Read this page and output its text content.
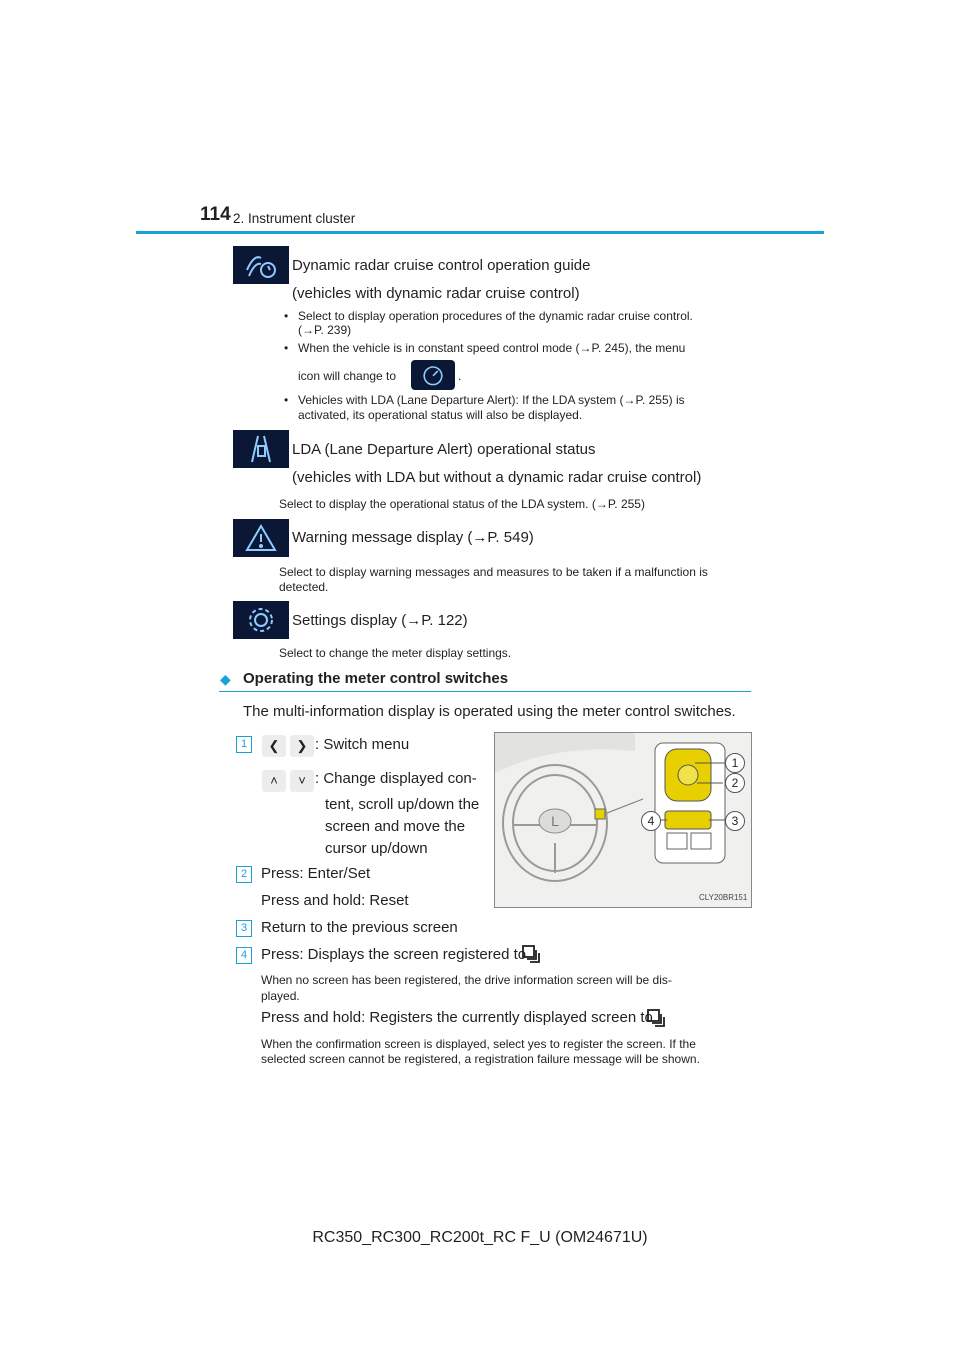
114 2. Instrument cluster
Dynamic radar cruise control operation guide
(vehicles with dynamic radar cruise control)
• Select to display operation procedures of the dynamic radar cruise control.
(→P. 239)
• When the vehicle is in constant speed control mode (→P. 245), the menu
icon will change to	.
• Vehicles with LDA (Lane Departure Alert): If the LDA system (→P. 255) is
activated, its operational status will also be displayed.
LDA (Lane Departure Alert) operational status
(vehicles with LDA but without a dynamic radar cruise control)
Select to display the operational status of the LDA system. (→P. 255)
Warning message display (→P. 549)
Select to display warning messages and measures to be taken if a malfunction is
detected.
Settings display (→P. 122)
Select to change the meter display settings.
◆ Operating the meter control switches
The multi-information display is operated using the meter control switches.
1	❮	❯ : Switch menu
˄	˅ : Change displayed con-
tent, scroll up/down the
screen and move the
cursor up/down
2 Press: Enter/Set
Press and hold: Reset
3 Return to the previous screen
4 Press: Displays the screen registered to
When no screen has been registered, the drive information screen will be dis-
played.
Press and hold: Registers the currently displayed screen to
When the confirmation screen is displayed, select yes to register the screen. If the
selected screen cannot be registered, a registration failure message will be shown.
L
1
2
3
4
CLY20BR151
RC350_RC300_RC200t_RC F_U (OM24671U)
